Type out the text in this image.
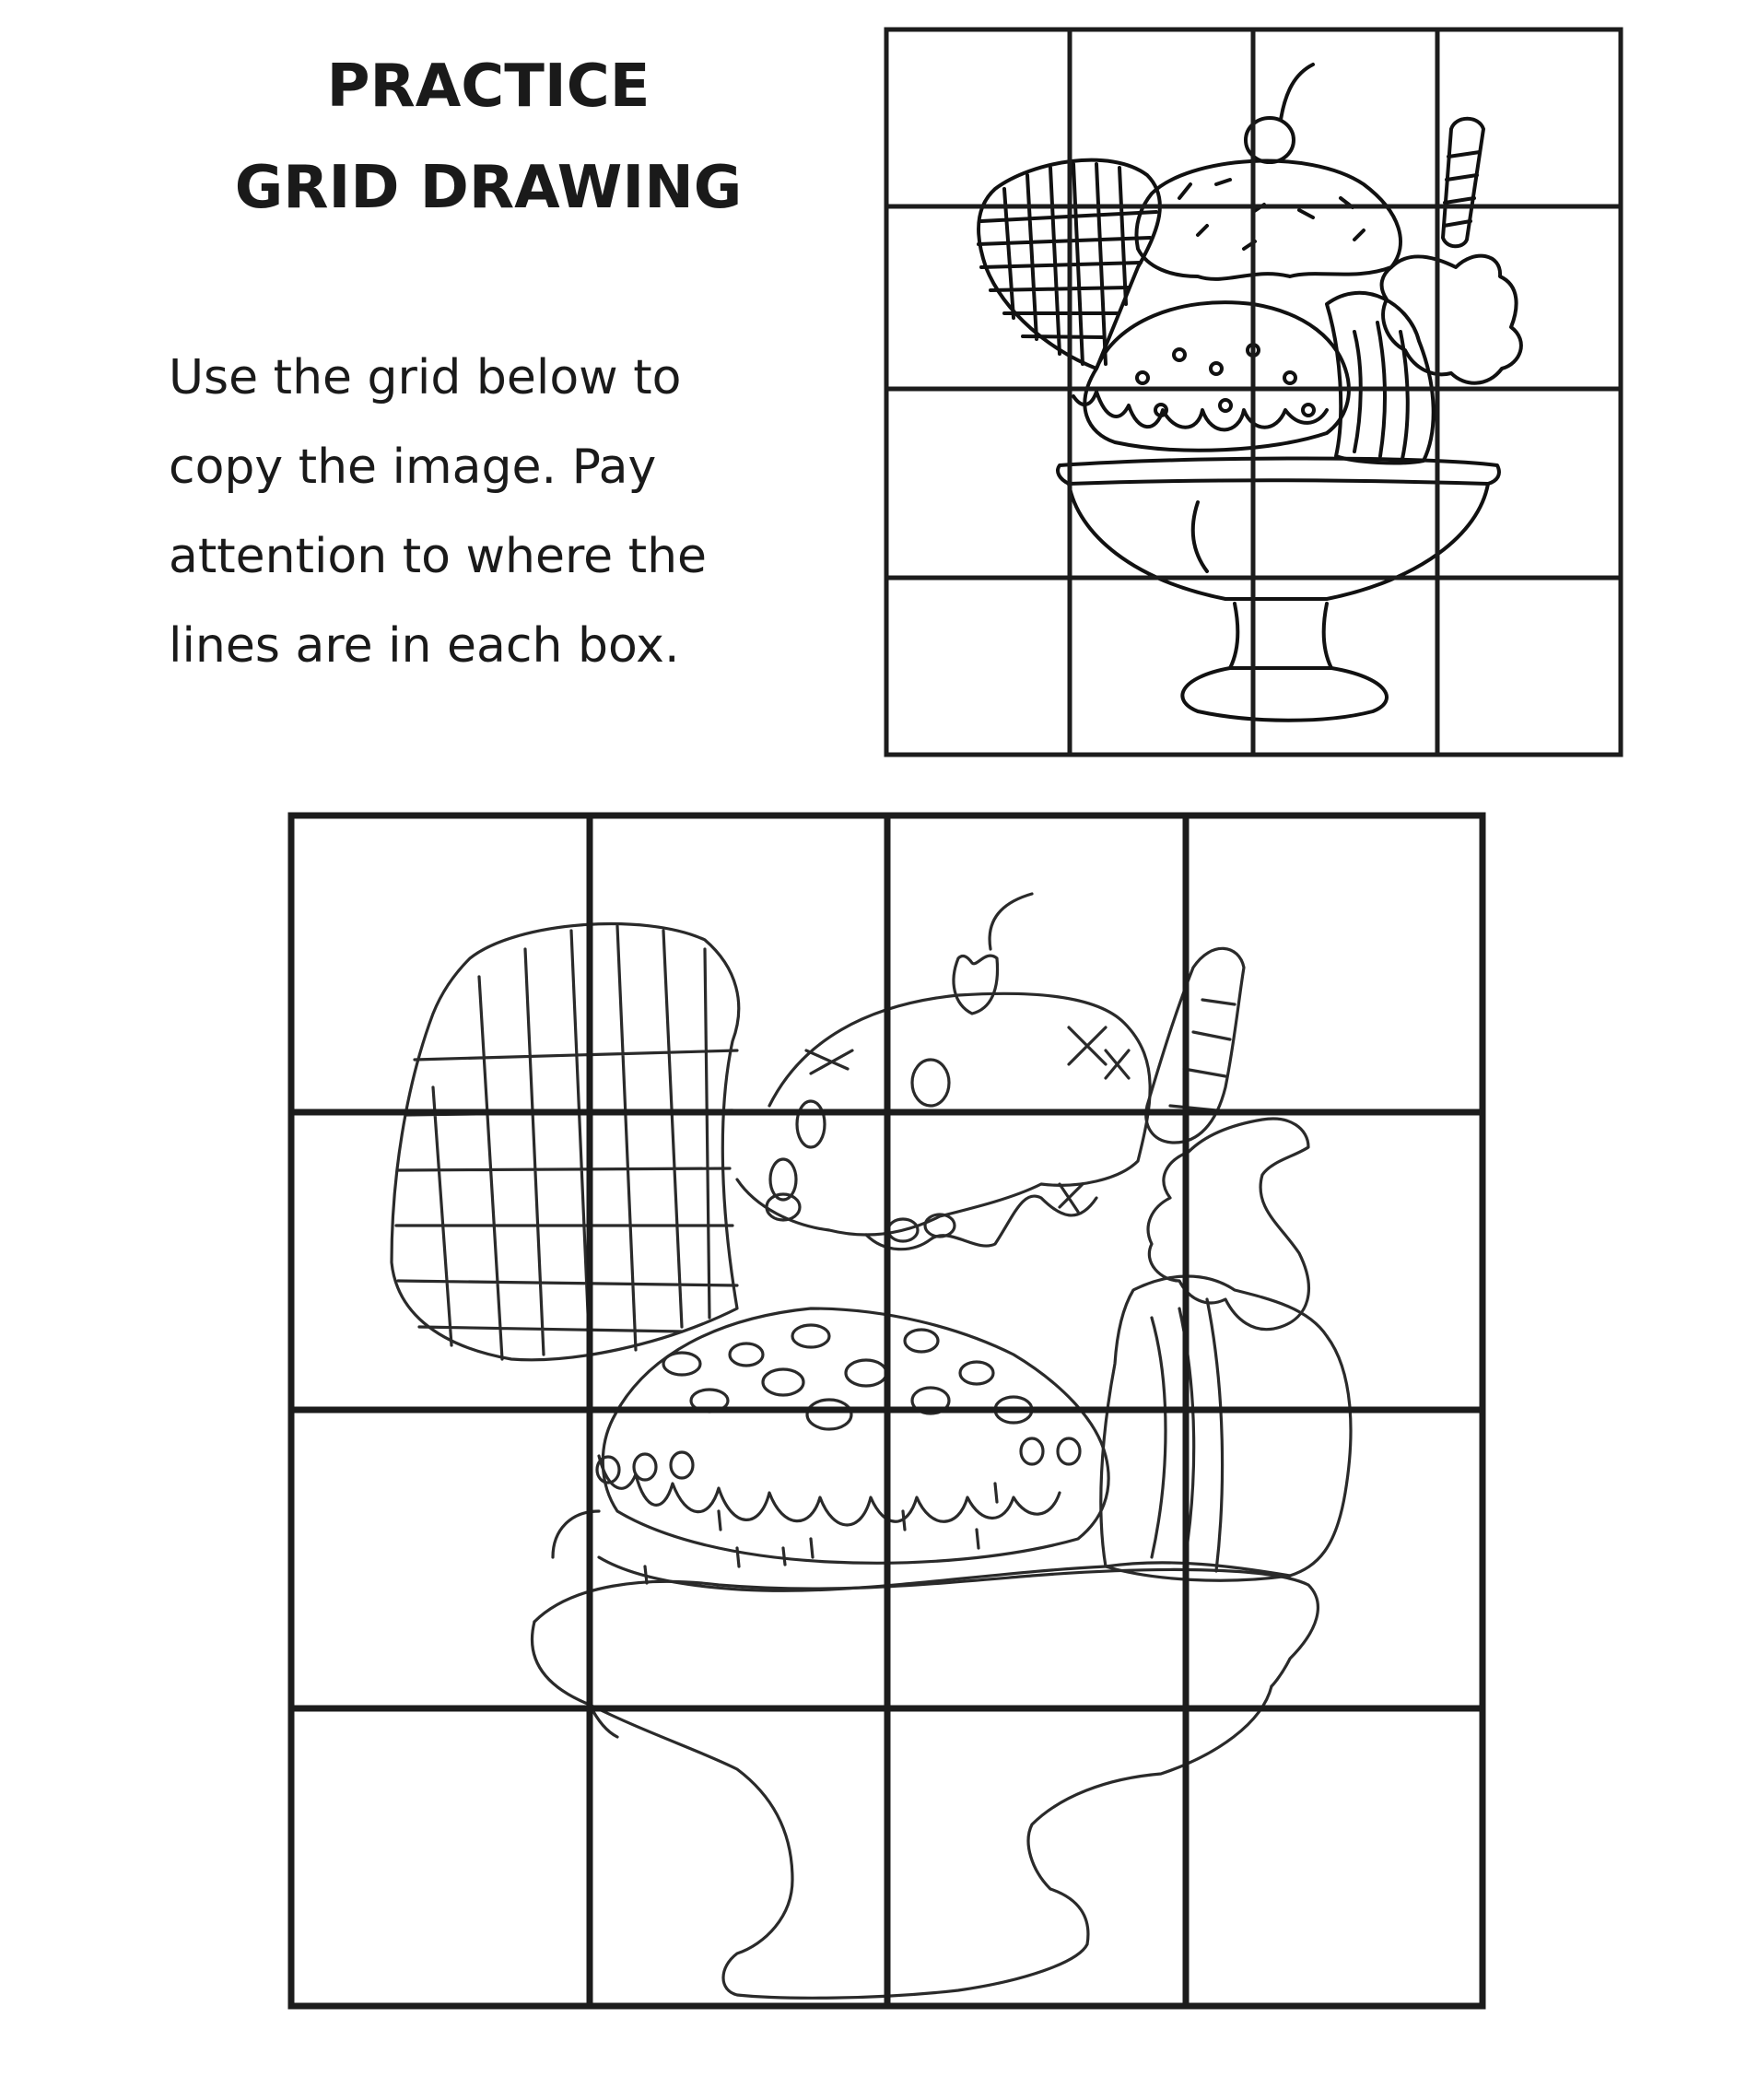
PRACTICE
GRID DRAWING
Use the grid below to
copy the image. Pay
attention to where the
lines are in each box.
